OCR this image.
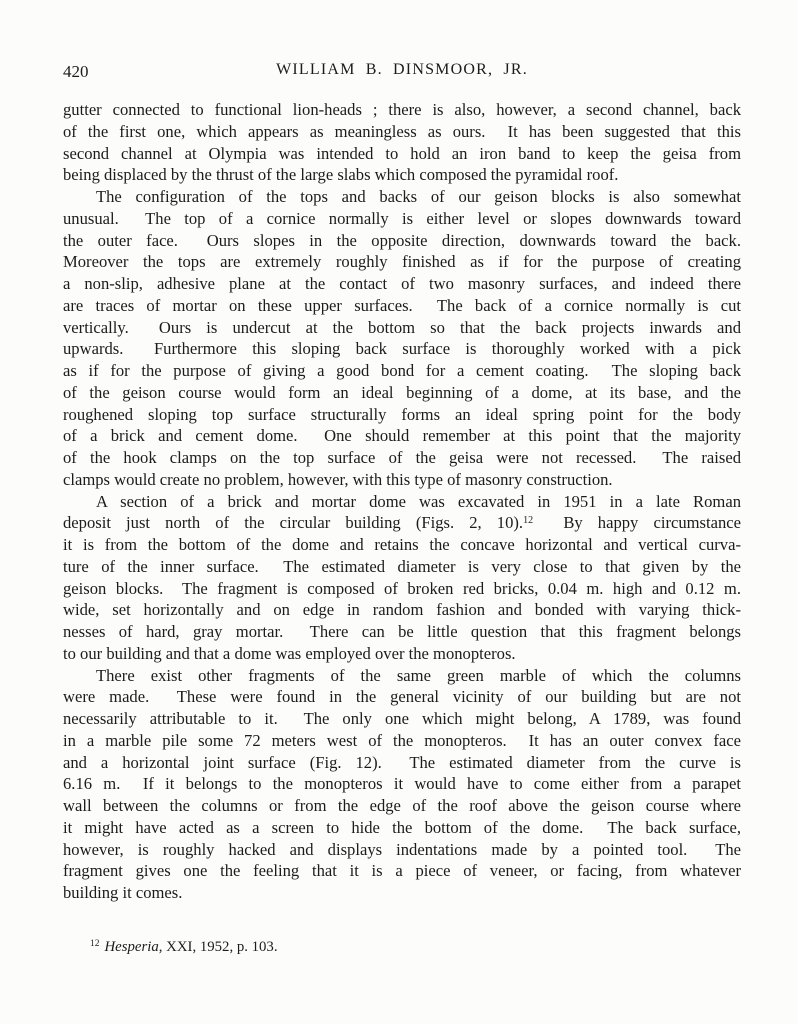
420	WILLIAM B. DINSMOOR, JR.
gutter connected to functional lion-heads ; there is also, however, a second channel, back
of the first one, which appears as meaningless as ours.  It has been suggested that this
second channel at Olympia was intended to hold an iron band to keep the geisa from
being displaced by the thrust of the large slabs which composed the pyramidal roof.
The configuration of the tops and backs of our geison blocks is also somewhat
unusual.  The top of a cornice normally is either level or slopes downwards toward
the outer face.  Ours slopes in the opposite direction, downwards toward the back.
Moreover the tops are extremely roughly finished as if for the purpose of creating
a non-slip, adhesive plane at the contact of two masonry surfaces, and indeed there
are traces of mortar on these upper surfaces.  The back of a cornice normally is cut
vertically.  Ours is undercut at the bottom so that the back projects inwards and
upwards.  Furthermore this sloping back surface is thoroughly worked with a pick
as if for the purpose of giving a good bond for a cement coating.  The sloping back
of the geison course would form an ideal beginning of a dome, at its base, and the
roughened sloping top surface structurally forms an ideal spring point for the body
of a brick and cement dome.  One should remember at this point that the majority
of the hook clamps on the top surface of the geisa were not recessed.  The raised
clamps would create no problem, however, with this type of masonry construction.
A section of a brick and mortar dome was excavated in 1951 in a late Roman
deposit just north of the circular building (Figs. 2, 10).$^{12}$  By happy circumstance
it is from the bottom of the dome and retains the concave horizontal and vertical curva-
ture of the inner surface.  The estimated diameter is very close to that given by the
geison blocks.  The fragment is composed of broken red bricks, 0.04 m. high and 0.12 m.
wide, set horizontally and on edge in random fashion and bonded with varying thick-
nesses of hard, gray mortar.  There can be little question that this fragment belongs
to our building and that a dome was employed over the monopteros.
There exist other fragments of the same green marble of which the columns
were made.  These were found in the general vicinity of our building but are not
necessarily attributable to it.  The only one which might belong, A 1789, was found
in a marble pile some 72 meters west of the monopteros.  It has an outer convex face
and a horizontal joint surface (Fig. 12).  The estimated diameter from the curve is
6.16 m.  If it belongs to the monopteros it would have to come either from a parapet
wall between the columns or from the edge of the roof above the geison course where
it might have acted as a screen to hide the bottom of the dome.  The back surface,
however, is roughly hacked and displays indentations made by a pointed tool.  The
fragment gives one the feeling that it is a piece of veneer, or facing, from whatever
building it comes.
$^{12}$ Hesperia, XXI, 1952, p. 103.
